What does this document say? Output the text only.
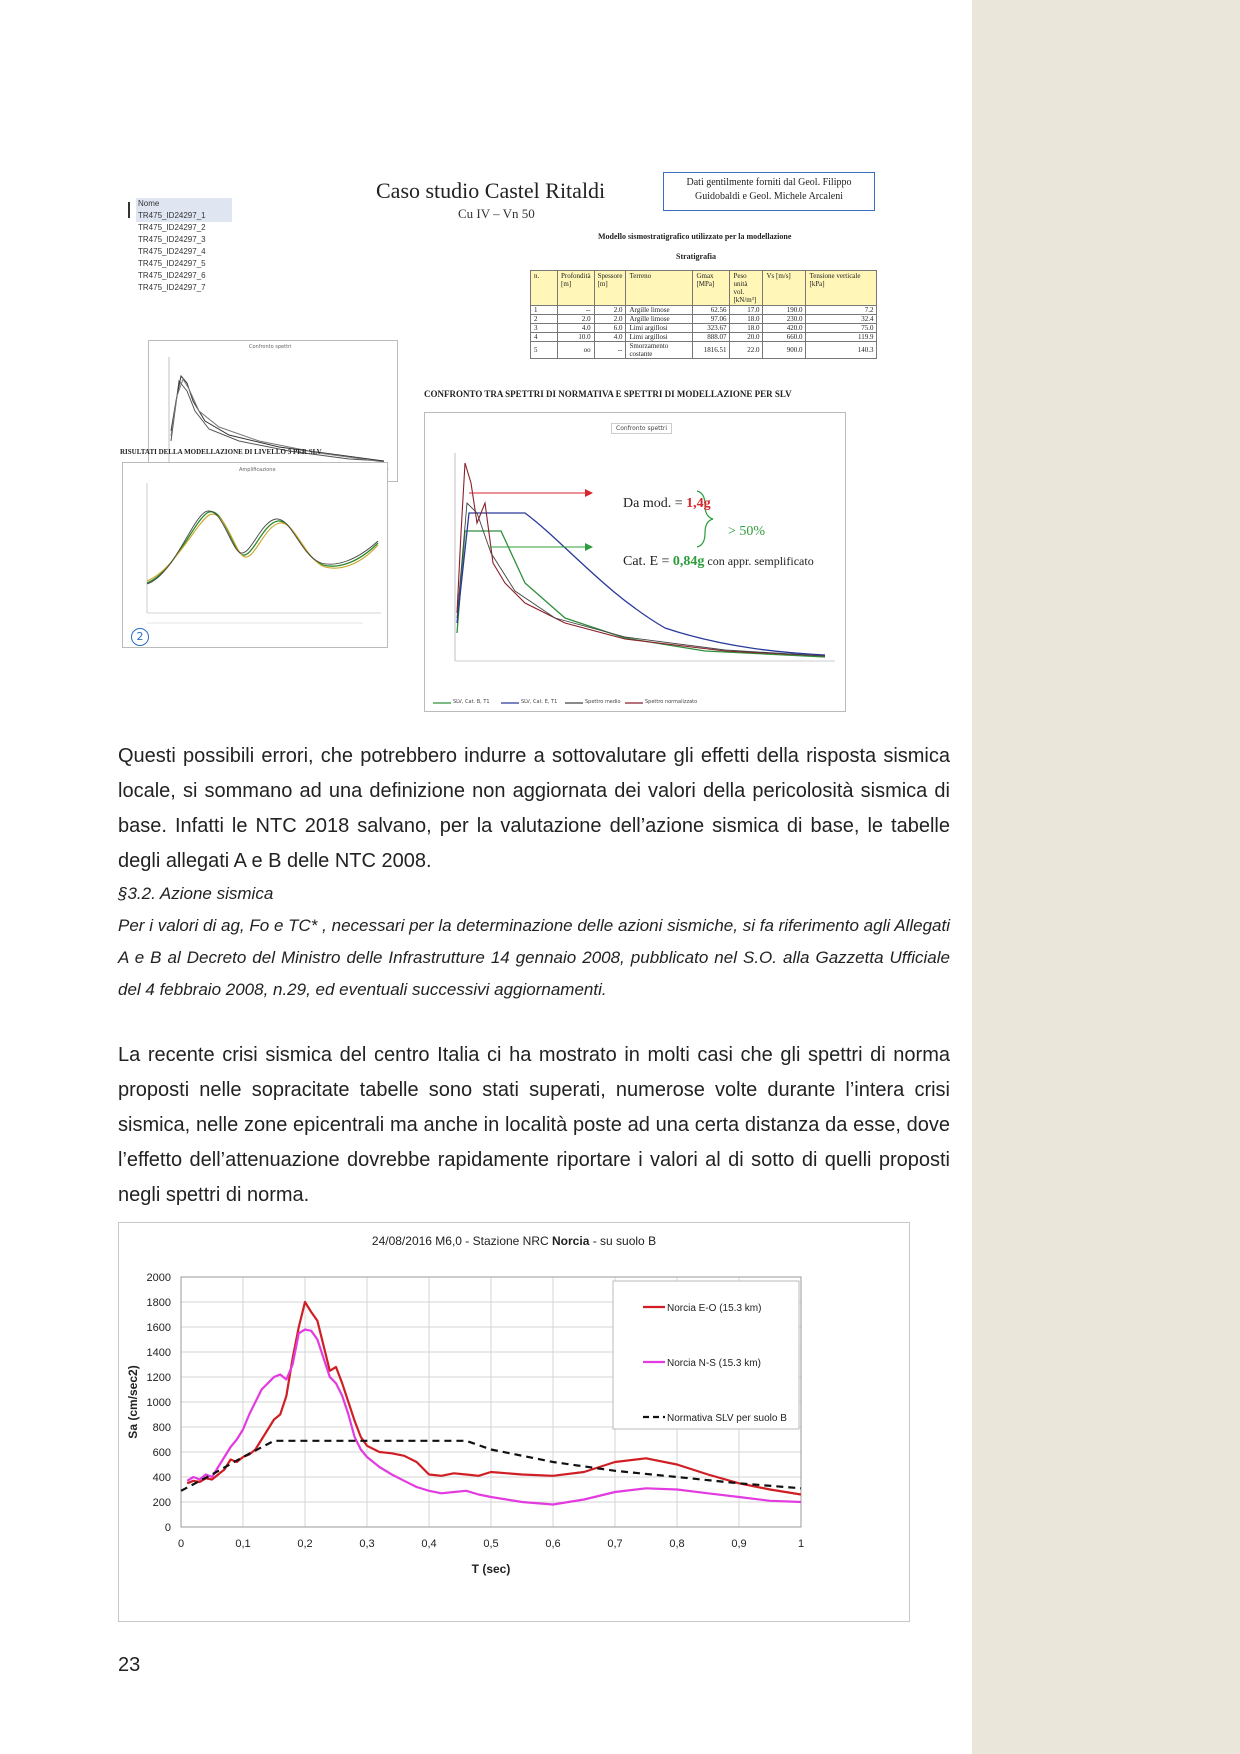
Caso studio Castel Ritaldi
Cu IV – Vn 50
Dati gentilmente forniti dal Geol. Filippo
Guidobaldi e Geol. Michele Arcaleni
Nome
TR475_ID24297_1
TR475_ID24297_2
TR475_ID24297_3
TR475_ID24297_4
TR475_ID24297_5
TR475_ID24297_6
TR475_ID24297_7
Modello sismostratigrafico utilizzato per la modellazione
Stratigrafia
n.	Profondità [m]	Spessore [m]	Terreno	Gmax [MPa]	Peso unità vol. [kN/m³]	Vs [m/s]	Tensione verticale [kPa]
1	--	2.0	Argille limose	62.56	17.0	190.0	7.2
2	2.0	2.0	Argille limose	97.06	18.0	230.0	32.4
3	4.0	6.0	Limi argillosi	323.67	18.0	420.0	75.0
4	10.0	4.0	Limi argillosi	888.07	20.0	660.0	119.9
5	oo	--	Smorzamento costante	1816.51	22.0	900.0	140.3
CONFRONTO TRA SPETTRI DI NORMATIVA E SPETTRI DI MODELLAZIONE PER SLV
Confronto spettri
RISULTATI DELLA MODELLAZIONE DI LIVELLO 3 PER SLV
Amplificazione
2
Confronto spettri
SLV, Cat. B, T1	SLV, Cat. E, T1	Spettro medio	Spettro normalizzato
Da mod. = 1,4g
> 50%
Cat. E = 0,84g con appr. semplificato

Questi possibili errori, che potrebbero indurre a sottovalutare gli effetti della risposta sismica locale, si sommano ad una definizione non aggiornata dei valori della pericolosità sismica di base. Infatti le NTC 2018 salvano, per la valutazione dell’azione sismica di base, le tabelle degli allegati A e B delle NTC 2008.

§3.2. Azione sismica

Per i valori di ag, Fo e TC* , necessari per la determinazione delle azioni sismiche, si fa riferimento agli Allegati A e B al Decreto del Ministro delle Infrastrutture 14 gennaio 2008, pubblicato nel S.O. alla Gazzetta Ufficiale del 4 febbraio 2008, n.29, ed eventuali successivi aggiornamenti.

La recente crisi sismica del centro Italia ci ha mostrato in molti casi che gli spettri di norma proposti nelle sopracitate tabelle sono stati superati, numerose volte durante l’intera crisi sismica, nelle zone epicentrali ma anche in località poste ad una certa distanza da esse, dove l’effetto dell’attenuazione dovrebbe rapidamente riportare i valori al di sotto di quelli proposti negli spettri di norma.

24/08/2016 M6,0 - Stazione NRC Norcia - su suolo B
0
200
400
600
800
1000
1200
1400
1600
1800
2000
0	0,1	0,2	0,3	0,4	0,5	0,6	0,7	0,8	0,9	1
T (sec)
Sa (cm/sec2)
Norcia E-O (15.3 km)
Norcia N-S (15.3 km)
Normativa SLV per suolo B
23
